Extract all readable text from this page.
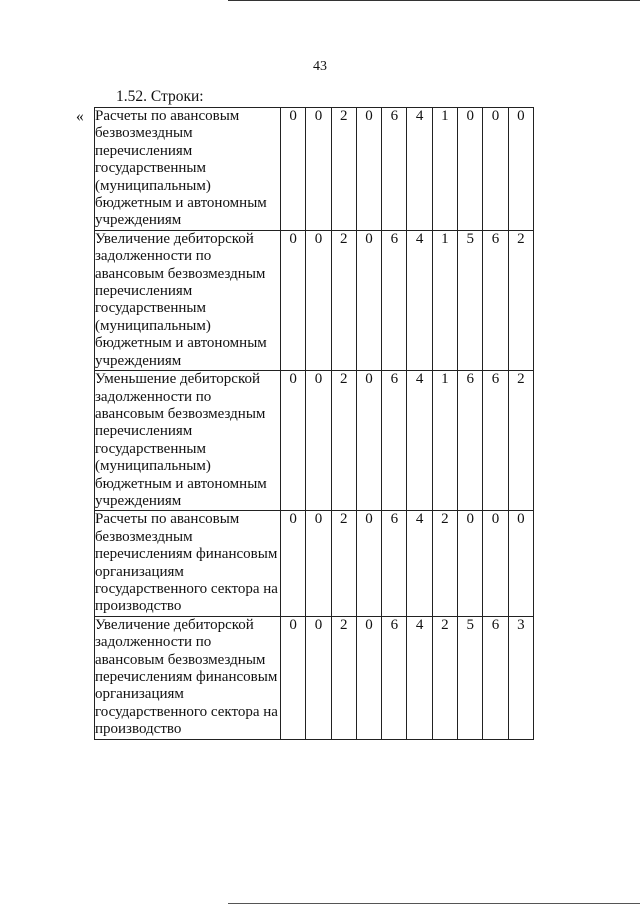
43
1.52. Строки:
« Расчеты по авансовым безвозмездным перечислениям государственным (муниципальным) бюджетным и автономным учреждениям	0	0	2	0	6	4	1	0	0	0
Увеличение дебиторской задолженности по авансовым безвозмездным перечислениям государственным (муниципальным) бюджетным и автономным учреждениям	0	0	2	0	6	4	1	5	6	2
Уменьшение дебиторской задолженности по авансовым безвозмездным перечислениям государственным (муниципальным) бюджетным и автономным учреждениям	0	0	2	0	6	4	1	6	6	2
Расчеты по авансовым безвозмездным перечислениям финансовым организациям государственного сектора на производство	0	0	2	0	6	4	2	0	0	0
Увеличение дебиторской задолженности по авансовым безвозмездным перечислениям финансовым организациям государственного сектора на производство	0	0	2	0	6	4	2	5	6	3
